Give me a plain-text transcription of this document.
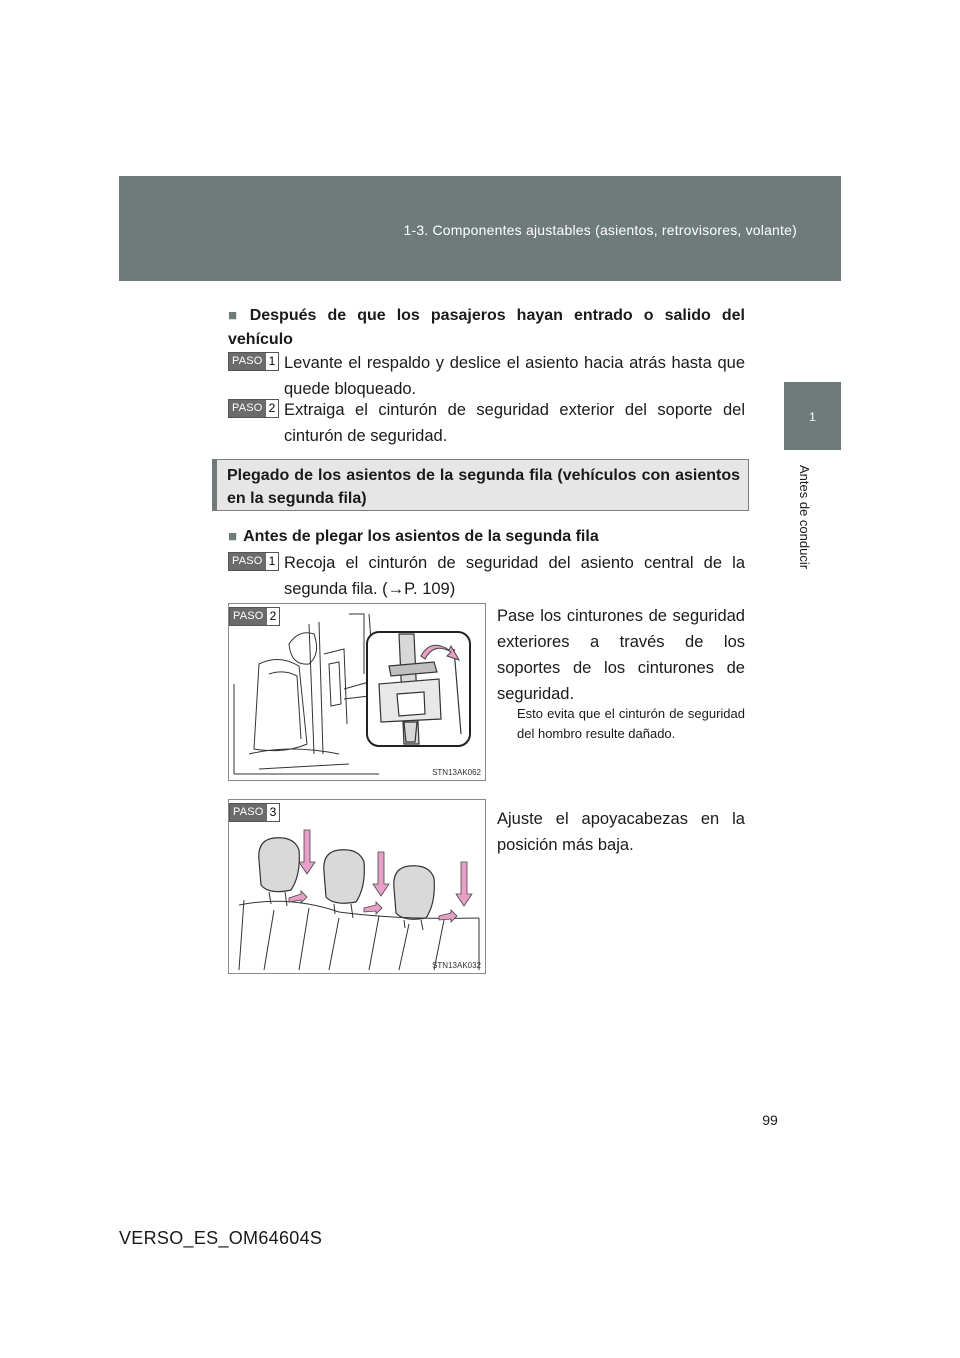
1-3. Componentes ajustables (asientos, retrovisores, volante)
1
Antes de conducir
■ Después de que los pasajeros hayan entrado o salido del vehículo
PASO 1 Levante el respaldo y deslice el asiento hacia atrás hasta que quede bloqueado.
PASO 2 Extraiga el cinturón de seguridad exterior del soporte del cinturón de seguridad.
Plegado de los asientos de la segunda fila (vehículos con asientos en la segunda fila)
■ Antes de plegar los asientos de la segunda fila
PASO 1 Recoja el cinturón de seguridad del asiento central de la segunda fila. (→P. 109)
PASO 2
STN13AK062
Pase los cinturones de seguridad exteriores a través de los soportes de los cinturones de seguridad.
Esto evita que el cinturón de seguridad del hombro resulte dañado.
PASO 3
STN13AK032
Ajuste el apoyacabezas en la posición más baja.
99
VERSO_ES_OM64604S
